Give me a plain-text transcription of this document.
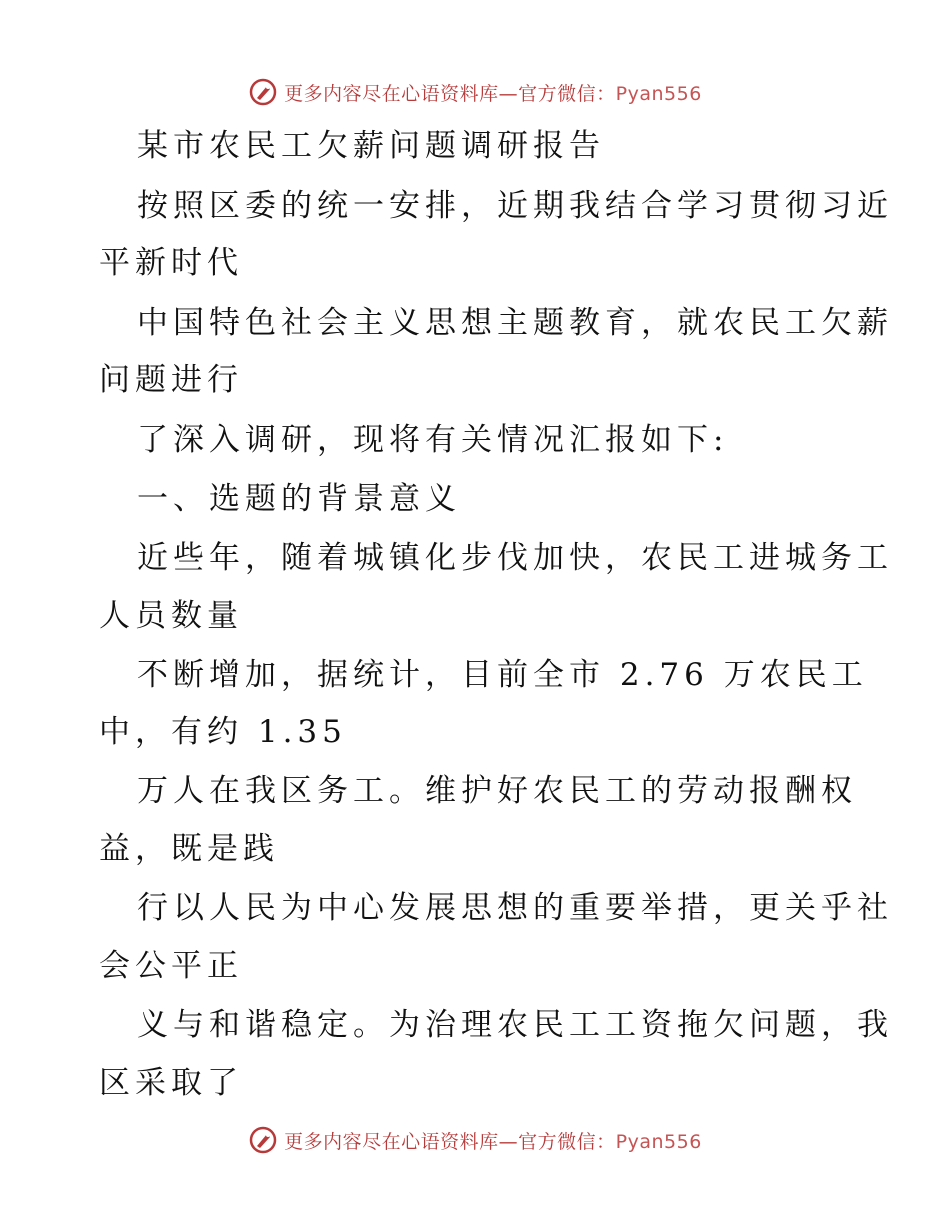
更多内容尽在心语资料库—官方微信：Pyan556
某市农民工欠薪问题调研报告
按照区委的统一安排，近期我结合学习贯彻习近
平新时代
中国特色社会主义思想主题教育，就农民工欠薪
问题进行
了深入调研，现将有关情况汇报如下:
一、选题的背景意义
近些年，随着城镇化步伐加快，农民工进城务工
人员数量
不断增加，据统计，目前全市 2.76 万农民工
中，有约 1.35
万人在我区务工。维护好农民工的劳动报酬权
益，既是践
行以人民为中心发展思想的重要举措，更关乎社
会公平正
义与和谐稳定。为治理农民工工资拖欠问题，我
区采取了
更多内容尽在心语资料库—官方微信：Pyan556
